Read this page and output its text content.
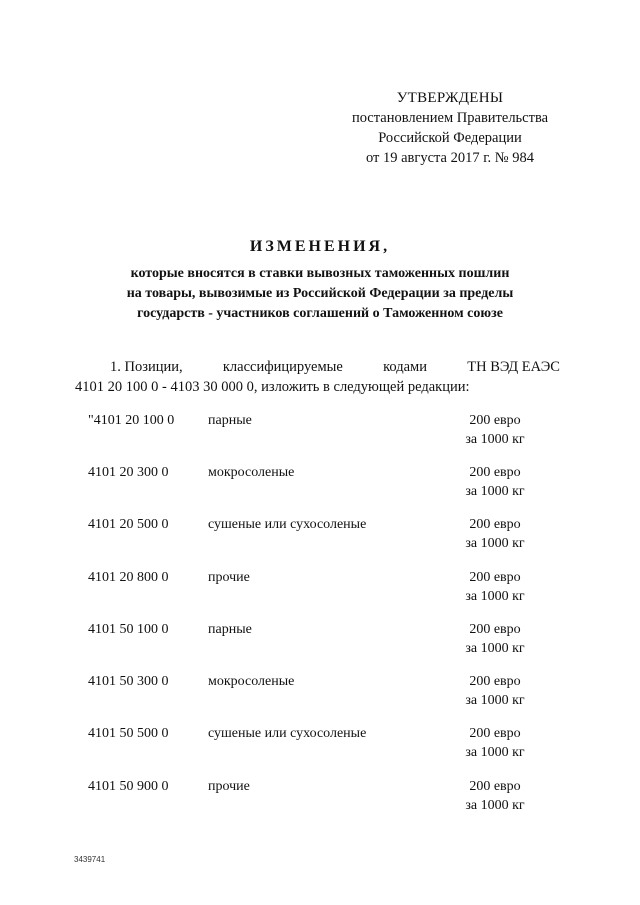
УТВЕРЖДЕНЫ
постановлением Правительства
Российской Федерации
от 19 августа 2017 г. № 984
ИЗМЕНЕНИЯ,
которые вносятся в ставки вывозных таможенных пошлин
на товары, вывозимые из Российской Федерации за пределы
государств - участников соглашений о Таможенном союзе
1. Позиции,	классифицируемые	кодами	ТН ВЭД ЕАЭС
4101 20 100 0 - 4103 30 000 0, изложить в следующей редакции:
"4101 20 100 0 парные	200 евро
за 1000 кг
4101 20 300 0	мокросоленые	200 евро
за 1000 кг
4101 20 500 0	сушеные или сухосоленые	200 евро
за 1000 кг
4101 20 800 0	прочие	200 евро
за 1000 кг
4101 50 100 0	парные	200 евро
за 1000 кг
4101 50 300 0	мокросоленые	200 евро
за 1000 кг
4101 50 500 0	сушеные или сухосоленые	200 евро
за 1000 кг
4101 50 900 0	прочие	200 евро
за 1000 кг
3439741
